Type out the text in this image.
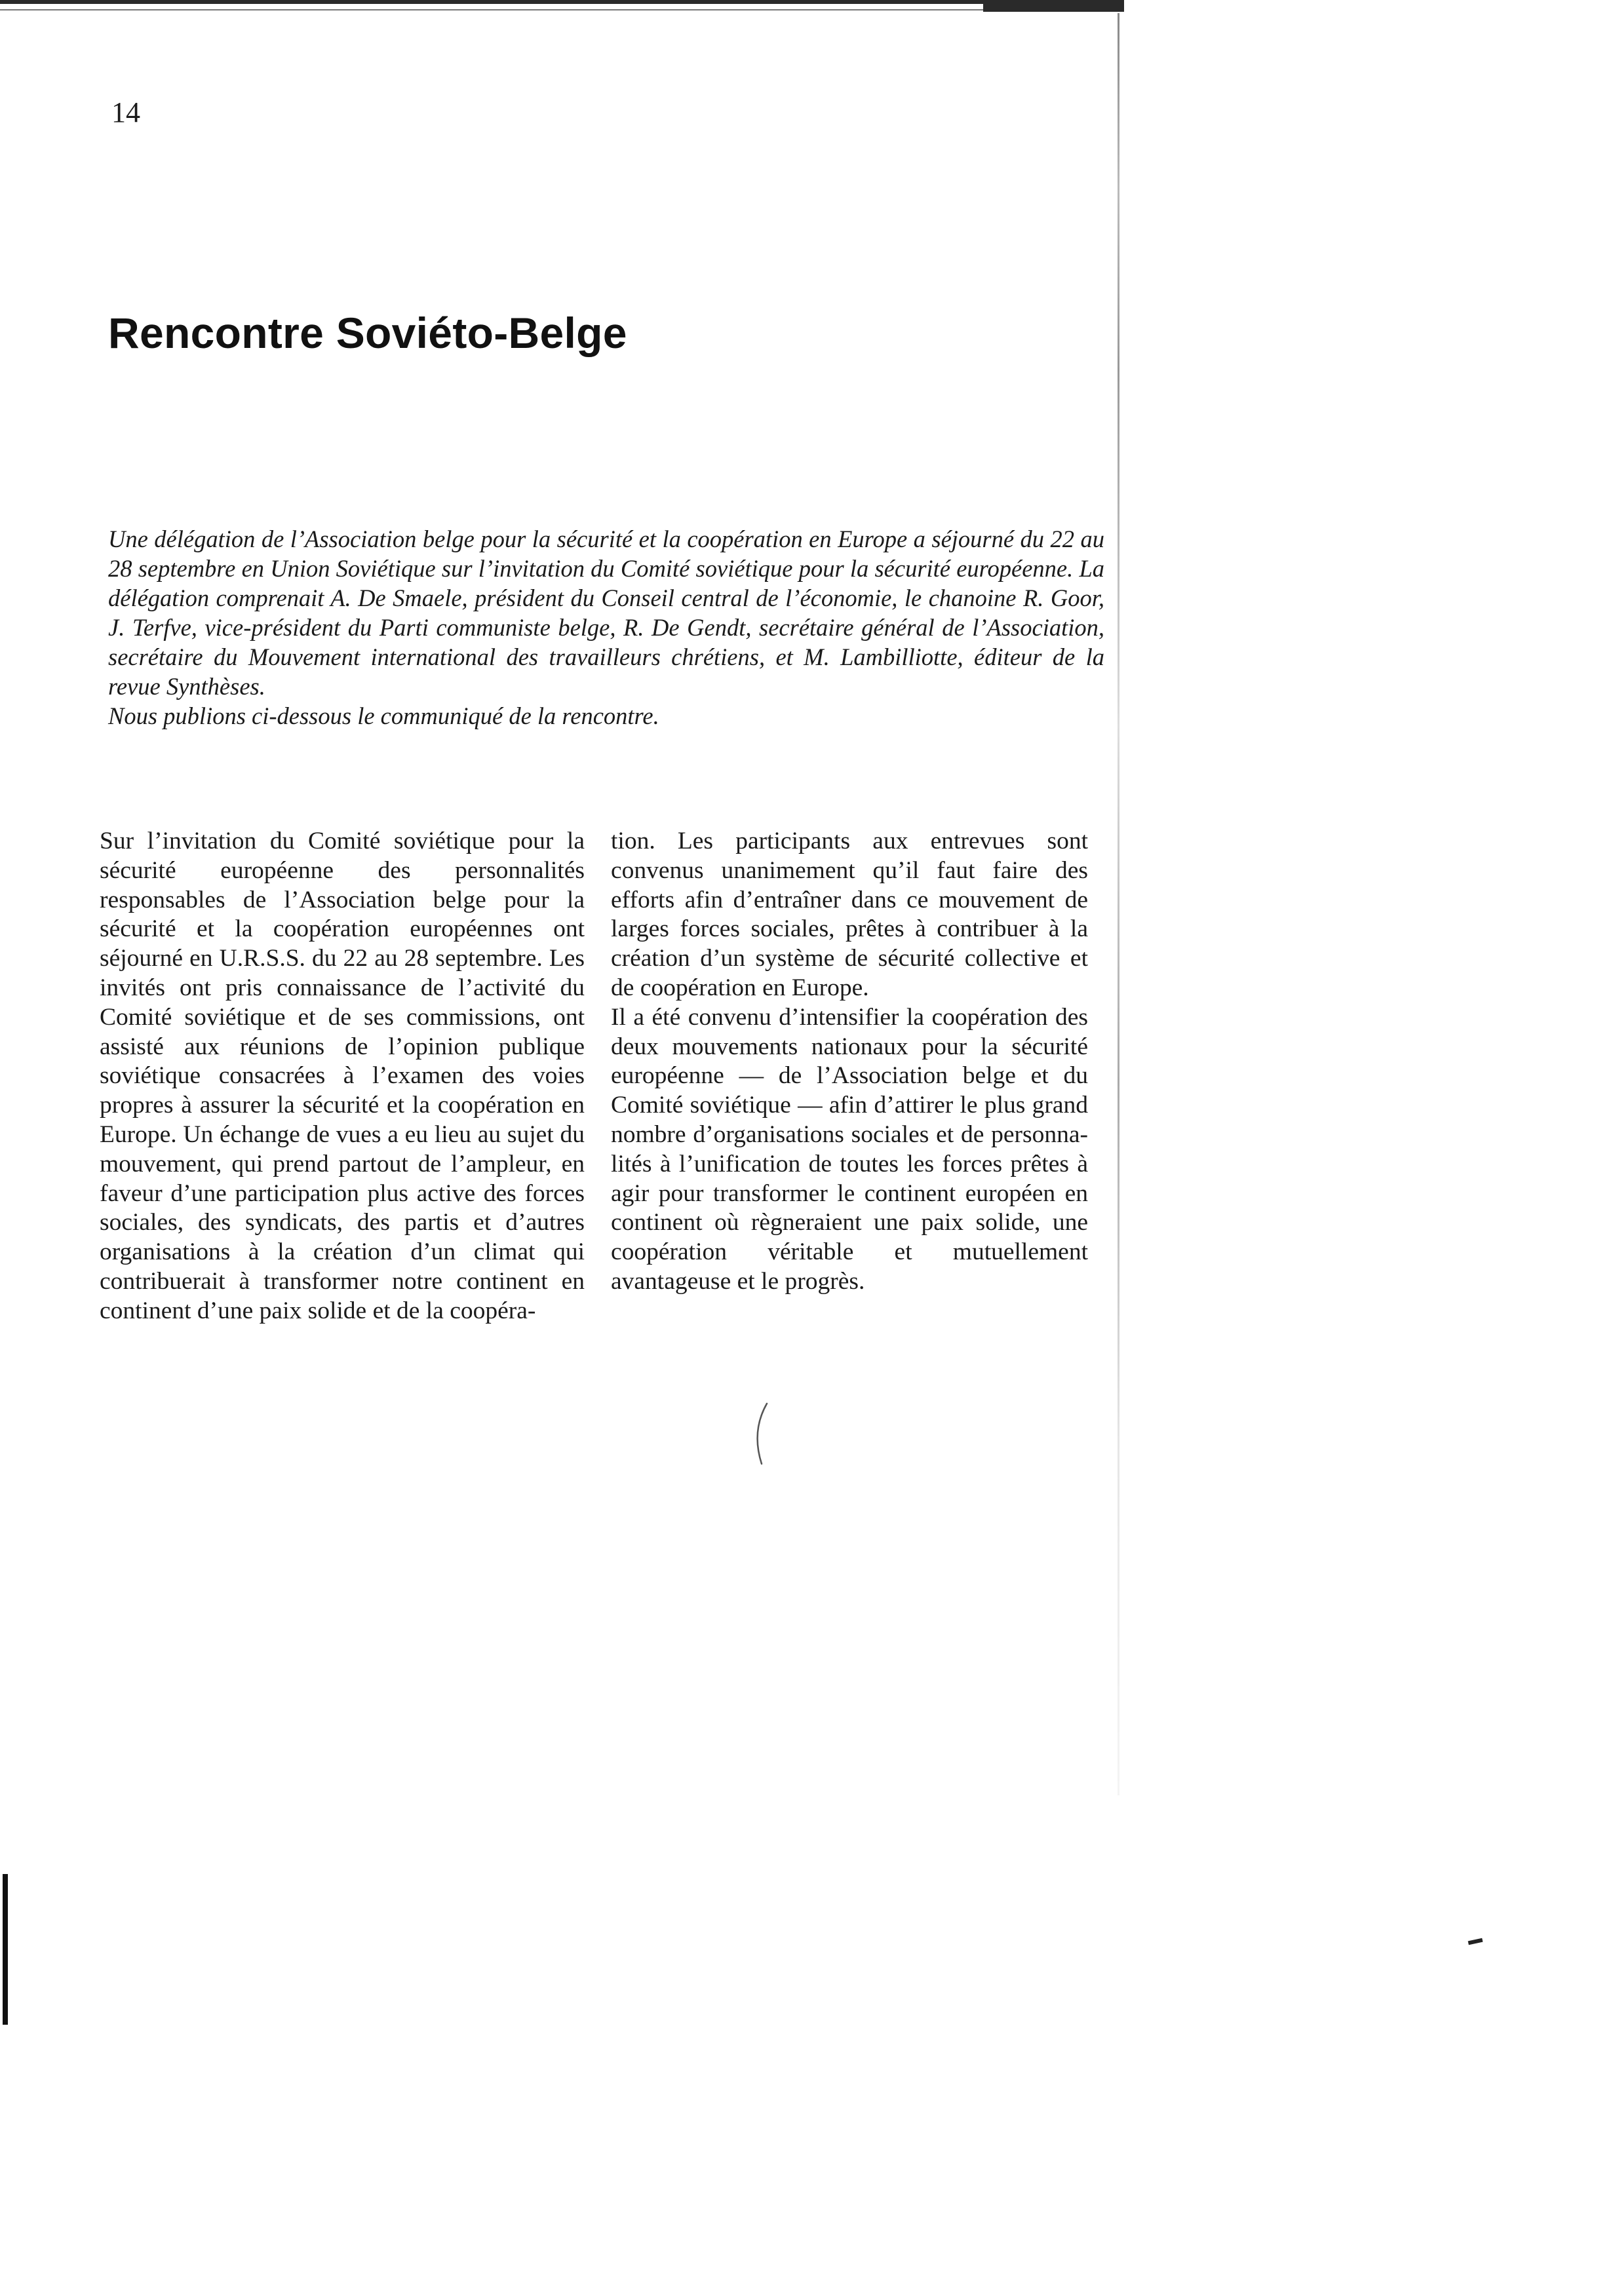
14
Rencontre Soviéto-Belge

Une délégation de l’Association belge pour la sécurité et la coopération en Europe a séjourné du 22 au 28 septembre en Union Soviétique sur l’invitation du Comité soviétique pour la sécurité européenne. La délégation comprenait A. De Smaele, président du Conseil central de l’économie, le chanoine R. Goor, J. Terfve, vice-président du Parti communiste belge, R. De Gendt, secrétaire général de l’Association, secrétaire du Mouvement international des travailleurs chrétiens, et M. Lambilliotte, éditeur de la revue Synthèses.

Nous publions ci-dessous le communiqué de la rencontre.

Sur l’invitation du Comité soviétique pour la sécurité européenne des personnalités responsables de l’Association belge pour la sécurité et la coopération européennes ont séjourné en U.R.S.S. du 22 au 28 septembre. Les invités ont pris connaissance de l’activité du Comité soviétique et de ses commissions, ont assisté aux réunions de l’opinion publique soviétique consacrées à l’examen des voies propres à assurer la sécurité et la coopération en Europe. Un échange de vues a eu lieu au sujet du mouvement, qui prend partout de l’ampleur, en faveur d’une participation plus active des forces sociales, des syndicats, des partis et d’autres organisations à la création d’un climat qui contribuerait à transformer notre continent en continent d’une paix solide et de la coopéra-

tion. Les participants aux entrevues sont convenus unanimement qu’il faut faire des efforts afin d’entraîner dans ce mouvement de larges forces sociales, prêtes à contribuer à la création d’un système de sécurité collective et de coopération en Europe.

Il a été convenu d’intensifier la coopération des deux mouvements nationaux pour la sécurité européenne — de l’Association belge et du Comité soviétique — afin d’attirer le plus grand nombre d’organisations sociales et de personnalités à l’unification de toutes les forces prêtes à agir pour transformer le continent européen en continent où règneraient une paix solide, une coopération véritable et mutuellement avantageuse et le progrès.
